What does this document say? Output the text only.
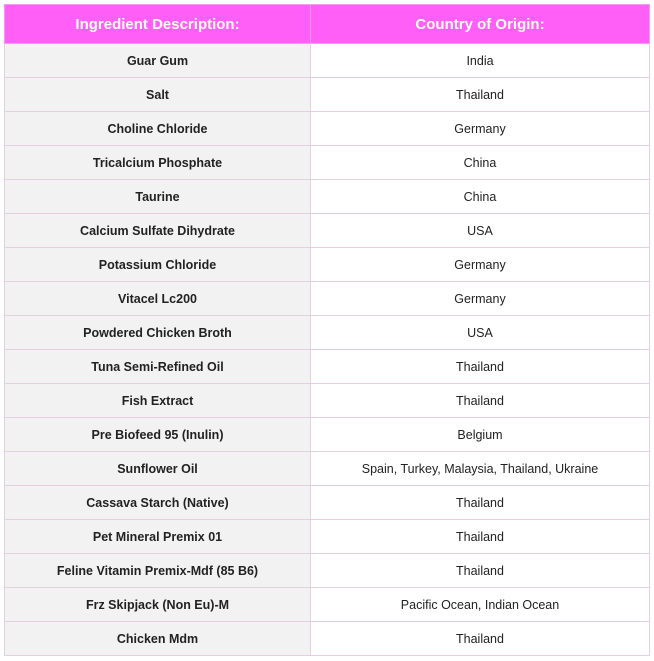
Ingredient Description:	Country of Origin:
Guar Gum	India
Salt	Thailand
Choline Chloride	Germany
Tricalcium Phosphate	China
Taurine	China
Calcium Sulfate Dihydrate	USA
Potassium Chloride	Germany
Vitacel Lc200	Germany
Powdered Chicken Broth	USA
Tuna Semi-Refined Oil	Thailand
Fish Extract	Thailand
Pre Biofeed 95 (Inulin)	Belgium
Sunflower Oil	Spain, Turkey, Malaysia, Thailand, Ukraine
Cassava Starch (Native)	Thailand
Pet Mineral Premix 01	Thailand
Feline Vitamin Premix-Mdf (85 B6)	Thailand
Frz Skipjack (Non Eu)-M	Pacific Ocean, Indian Ocean
Chicken Mdm	Thailand
